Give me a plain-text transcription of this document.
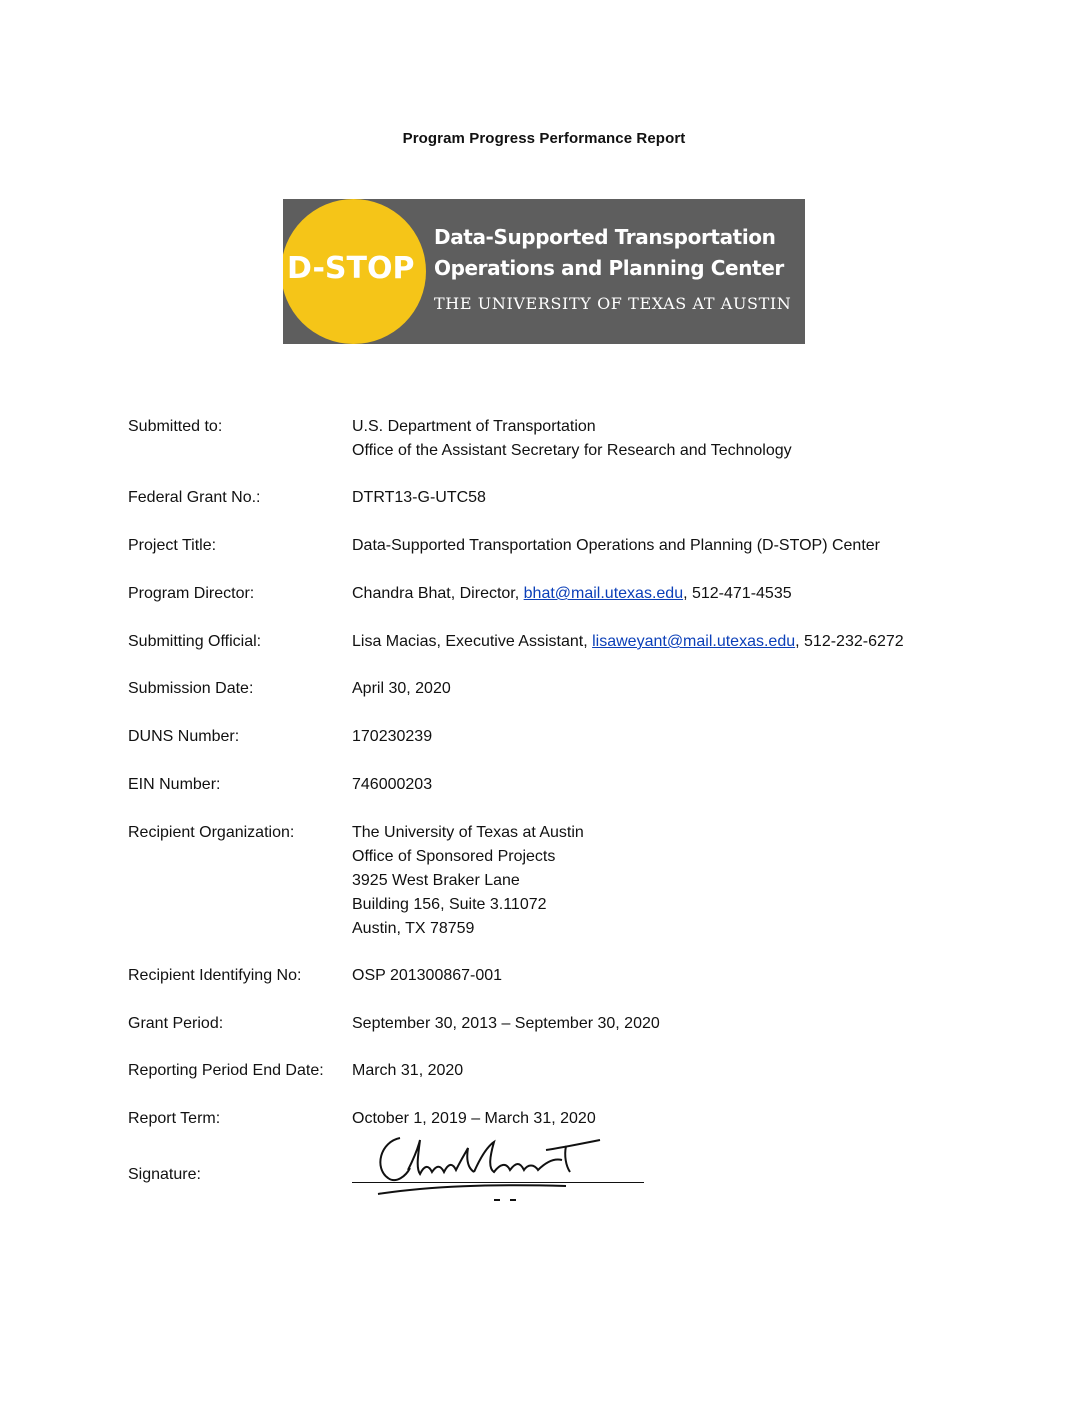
Program Progress Performance Report
D-STOP
Data-Supported Transportation
Operations and Planning Center
THE UNIVERSITY OF TEXAS AT AUSTIN
Submitted to:	U.S. Department of Transportation
Office of the Assistant Secretary for Research and Technology
Federal Grant No.:	DTRT13-G-UTC58
Project Title:	Data-Supported Transportation Operations and Planning (D-STOP) Center
Program Director:	Chandra Bhat, Director, bhat@mail.utexas.edu, 512-471-4535
Submitting Official:	Lisa Macias, Executive Assistant, lisaweyant@mail.utexas.edu, 512-232-6272
Submission Date:	April 30, 2020
DUNS Number:	170230239
EIN Number:	746000203
Recipient Organization:	The University of Texas at Austin
Office of Sponsored Projects
3925 West Braker Lane
Building 156, Suite 3.11072
Austin, TX 78759
Recipient Identifying No:	OSP 201300867-001
Grant Period:	September 30, 2013 – September 30, 2020
Reporting Period End Date: March 31, 2020
Report Term:	October 1, 2019 – March 31, 2020
Signature:
